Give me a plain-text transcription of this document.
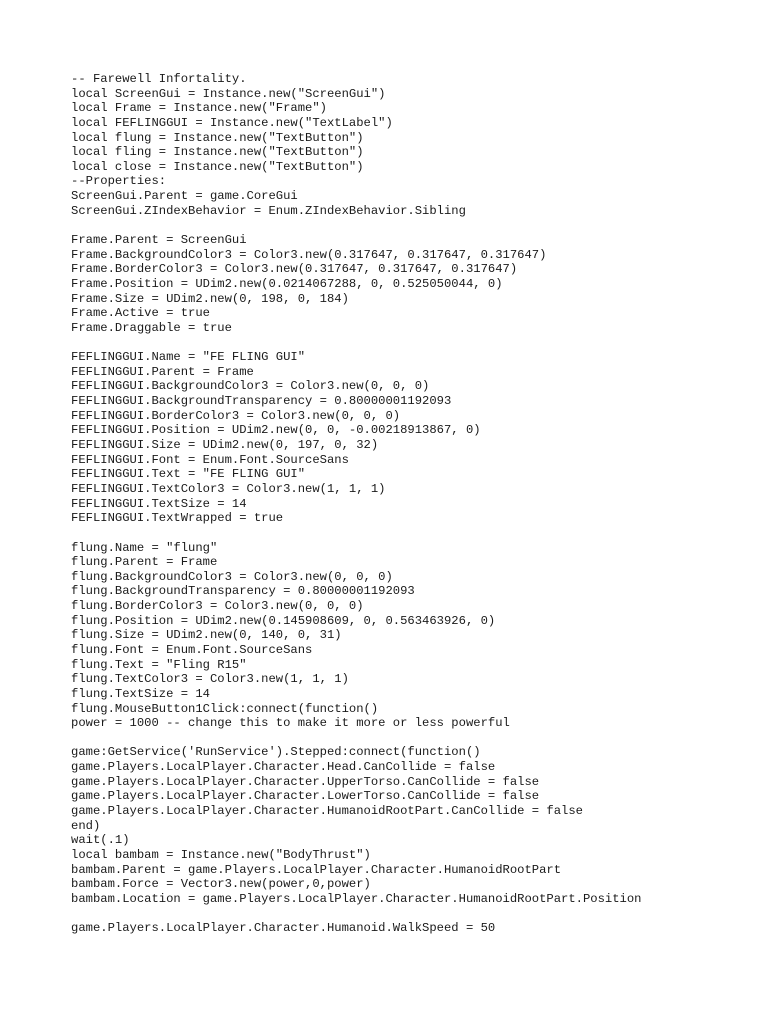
-- Farewell Infortality.
local ScreenGui = Instance.new("ScreenGui")
local Frame = Instance.new("Frame")
local FEFLINGGUI = Instance.new("TextLabel")
local flung = Instance.new("TextButton")
local fling = Instance.new("TextButton")
local close = Instance.new("TextButton")
--Properties:
ScreenGui.Parent = game.CoreGui
ScreenGui.ZIndexBehavior = Enum.ZIndexBehavior.Sibling
Frame.Parent = ScreenGui
Frame.BackgroundColor3 = Color3.new(0.317647, 0.317647, 0.317647)
Frame.BorderColor3 = Color3.new(0.317647, 0.317647, 0.317647)
Frame.Position = UDim2.new(0.0214067288, 0, 0.525050044, 0)
Frame.Size = UDim2.new(0, 198, 0, 184)
Frame.Active = true
Frame.Draggable = true
FEFLINGGUI.Name = "FE FLING GUI"
FEFLINGGUI.Parent = Frame
FEFLINGGUI.BackgroundColor3 = Color3.new(0, 0, 0)
FEFLINGGUI.BackgroundTransparency = 0.80000001192093
FEFLINGGUI.BorderColor3 = Color3.new(0, 0, 0)
FEFLINGGUI.Position = UDim2.new(0, 0, -0.00218913867, 0)
FEFLINGGUI.Size = UDim2.new(0, 197, 0, 32)
FEFLINGGUI.Font = Enum.Font.SourceSans
FEFLINGGUI.Text = "FE FLING GUI"
FEFLINGGUI.TextColor3 = Color3.new(1, 1, 1)
FEFLINGGUI.TextSize = 14
FEFLINGGUI.TextWrapped = true
flung.Name = "flung"
flung.Parent = Frame
flung.BackgroundColor3 = Color3.new(0, 0, 0)
flung.BackgroundTransparency = 0.80000001192093
flung.BorderColor3 = Color3.new(0, 0, 0)
flung.Position = UDim2.new(0.145908609, 0, 0.563463926, 0)
flung.Size = UDim2.new(0, 140, 0, 31)
flung.Font = Enum.Font.SourceSans
flung.Text = "Fling R15"
flung.TextColor3 = Color3.new(1, 1, 1)
flung.TextSize = 14
flung.MouseButton1Click:connect(function()
power = 1000 -- change this to make it more or less powerful
game:GetService('RunService').Stepped:connect(function()
game.Players.LocalPlayer.Character.Head.CanCollide = false
game.Players.LocalPlayer.Character.UpperTorso.CanCollide = false
game.Players.LocalPlayer.Character.LowerTorso.CanCollide = false
game.Players.LocalPlayer.Character.HumanoidRootPart.CanCollide = false
end)
wait(.1)
local bambam = Instance.new("BodyThrust")
bambam.Parent = game.Players.LocalPlayer.Character.HumanoidRootPart
bambam.Force = Vector3.new(power,0,power)
bambam.Location = game.Players.LocalPlayer.Character.HumanoidRootPart.Position
game.Players.LocalPlayer.Character.Humanoid.WalkSpeed = 50
